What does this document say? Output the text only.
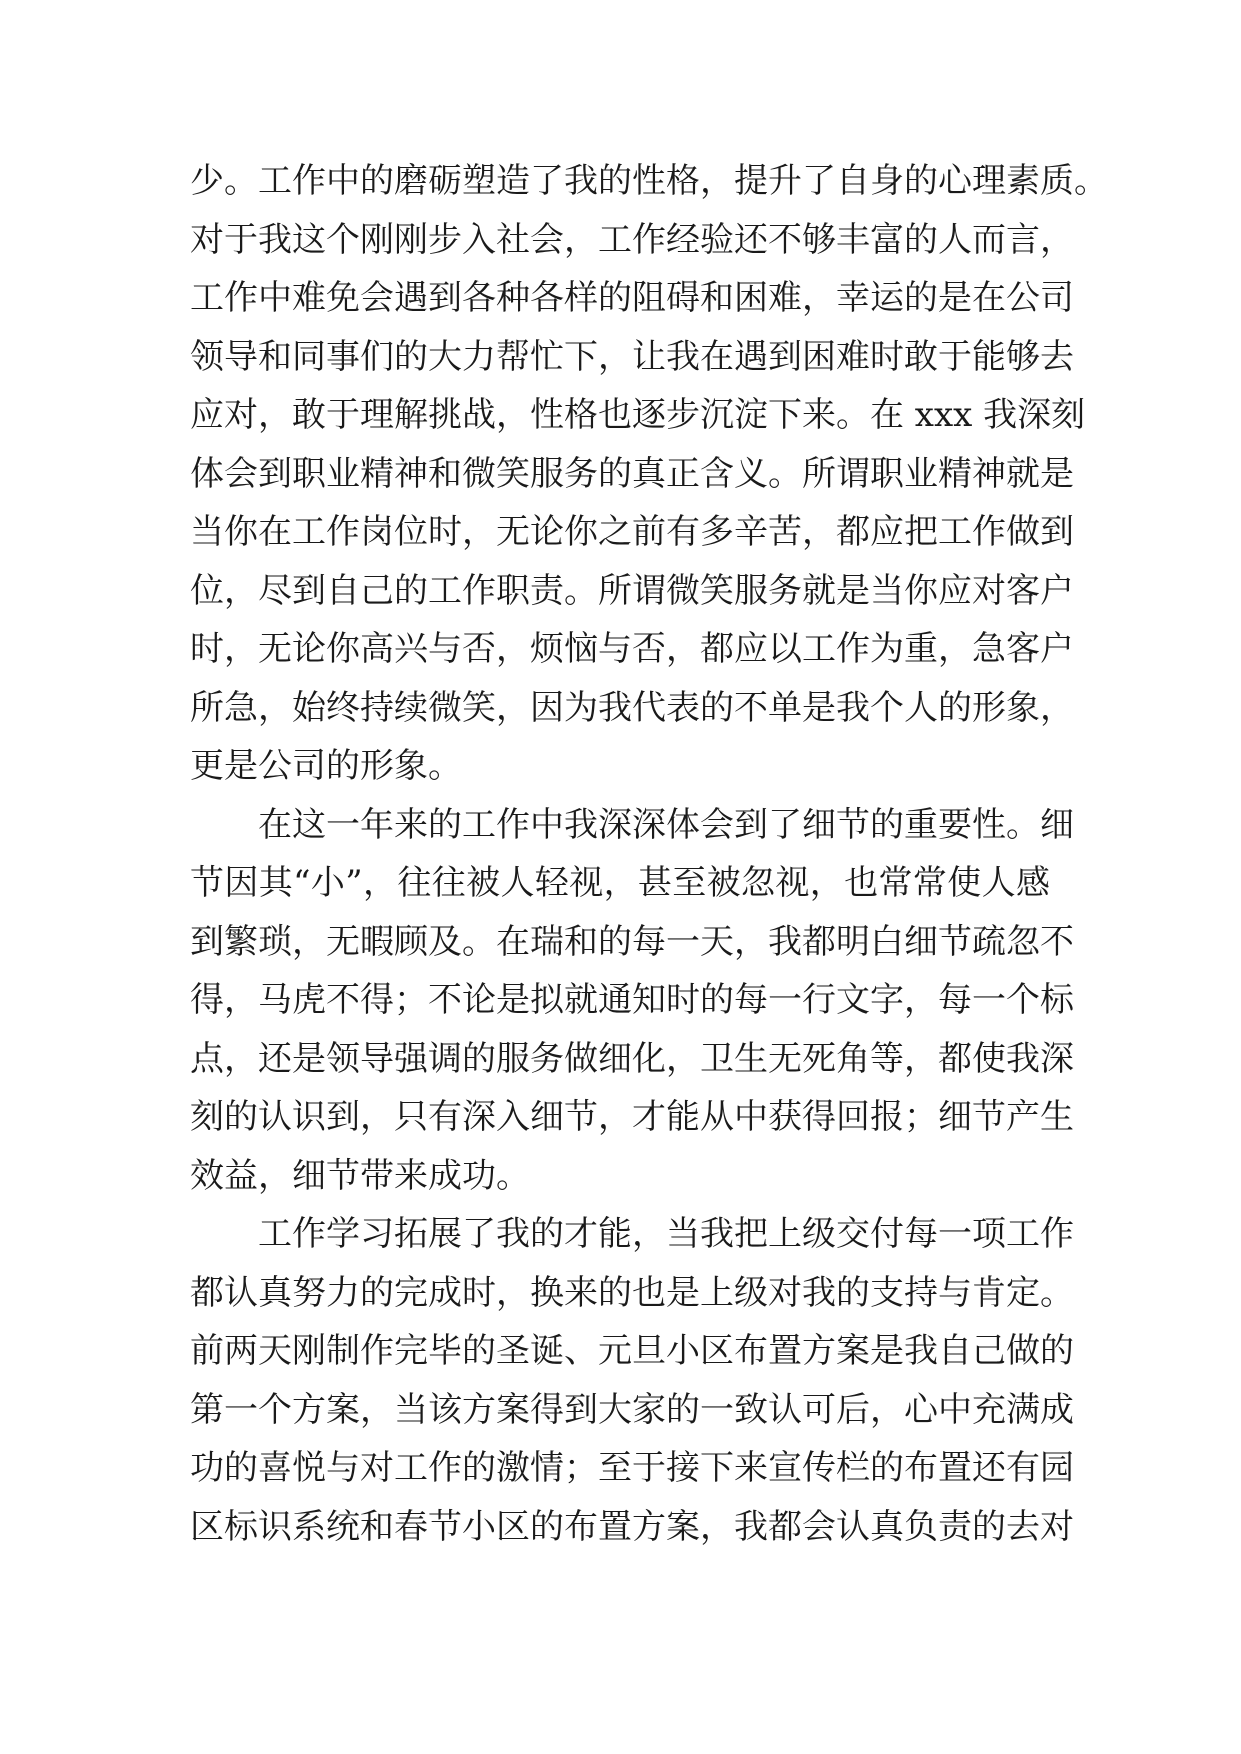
少。工作中的磨砺塑造了我的性格，提升了自身的心理素质。
对于我这个刚刚步入社会，工作经验还不够丰富的人而言，
工作中难免会遇到各种各样的阻碍和困难，幸运的是在公司
领导和同事们的大力帮忙下，让我在遇到困难时敢于能够去
应对，敢于理解挑战，性格也逐步沉淀下来。在 xxx 我深刻
体会到职业精神和微笑服务的真正含义。所谓职业精神就是
当你在工作岗位时，无论你之前有多辛苦，都应把工作做到
位，尽到自己的工作职责。所谓微笑服务就是当你应对客户
时，无论你高兴与否，烦恼与否，都应以工作为重，急客户
所急，始终持续微笑，因为我代表的不单是我个人的形象，
更是公司的形象。
在这一年来的工作中我深深体会到了细节的重要性。细
节因其“小”，往往被人轻视，甚至被忽视，也常常使人感
到繁琐，无暇顾及。在瑞和的每一天，我都明白细节疏忽不
得，马虎不得；不论是拟就通知时的每一行文字，每一个标
点，还是领导强调的服务做细化，卫生无死角等，都使我深
刻的认识到，只有深入细节，才能从中获得回报；细节产生
效益，细节带来成功。
工作学习拓展了我的才能，当我把上级交付每一项工作
都认真努力的完成时，换来的也是上级对我的支持与肯定。
前两天刚制作完毕的圣诞、元旦小区布置方案是我自己做的
第一个方案，当该方案得到大家的一致认可后，心中充满成
功的喜悦与对工作的激情；至于接下来宣传栏的布置还有园
区标识系统和春节小区的布置方案，我都会认真负责的去对
